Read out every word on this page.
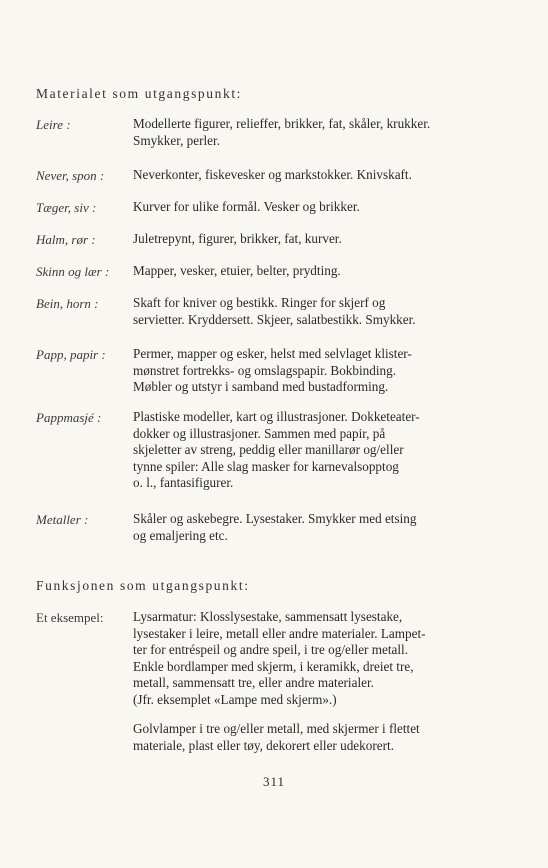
Materialet som utgangspunkt:
Leire :	Modellerte figurer, relieffer, brikker, fat, skåler, krukker.
Smykker, perler.
Never, spon : Neverkonter, fiskevesker og markstokker. Knivskaft.
Tæger, siv :	Kurver for ulike formål. Vesker og brikker.
Halm, rør :	Juletrepynt, figurer, brikker, fat, kurver.
Skinn og lær : Mapper, vesker, etuier, belter, prydting.
Bein, horn :	Skaft for kniver og bestikk. Ringer for skjerf og
servietter. Kryddersett. Skjeer, salatbestikk. Smykker.
Papp, papir : Permer, mapper og esker, helst med selvlaget klister-
mønstret fortrekks- og omslagspapir. Bokbinding.
Møbler og utstyr i samband med bustadforming.
Pappmasjé : Plastiske modeller, kart og illustrasjoner. Dokketeater-
dokker og illustrasjoner. Sammen med papir, på
skjeletter av streng, peddig eller manillarør og/eller
tynne spiler: Alle slag masker for karnevalsopptog
o. l., fantasifigurer.
Metaller :	Skåler og askebegre. Lysestaker. Smykker med etsing
og emaljering etc.
Funksjonen som utgangspunkt:
Et eksempel: Lysarmatur: Klosslysestake, sammensatt lysestake,
lysestaker i leire, metall eller andre materialer. Lampet-
ter for entréspeil og andre speil, i tre og/eller metall.
Enkle bordlamper med skjerm, i keramikk, dreiet tre,
metall, sammensatt tre, eller andre materialer.
(Jfr. eksemplet «Lampe med skjerm».)
Golvlamper i tre og/eller metall, med skjermer i flettet
materiale, plast eller tøy, dekorert eller udekorert.
311
